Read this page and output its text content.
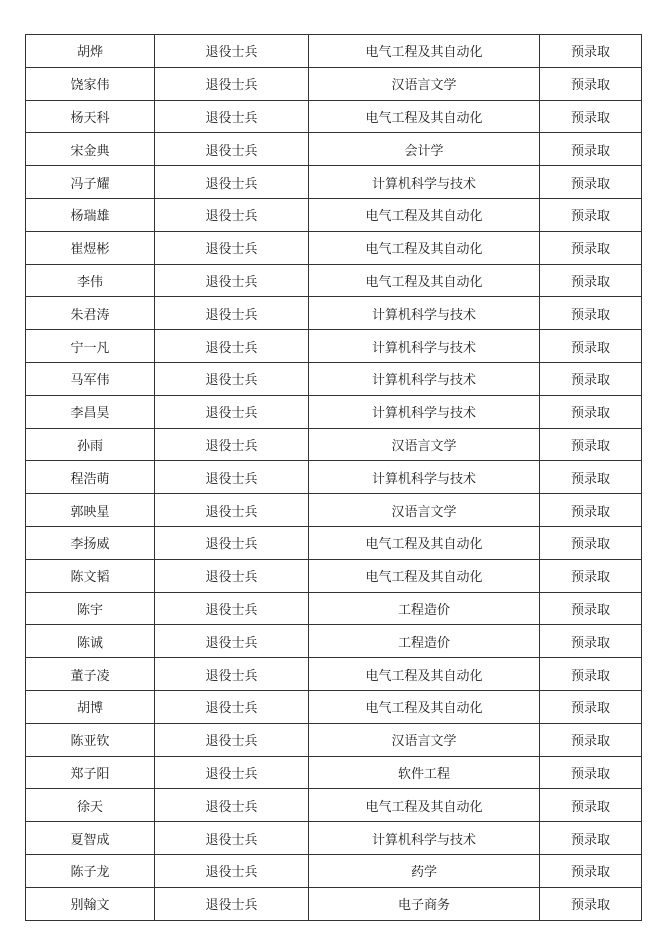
胡烨	退役士兵	电气工程及其自动化	预录取
饶家伟	退役士兵	汉语言文学	预录取
杨天科	退役士兵	电气工程及其自动化	预录取
宋金典	退役士兵	会计学	预录取
冯子耀	退役士兵	计算机科学与技术	预录取
杨瑞雄	退役士兵	电气工程及其自动化	预录取
崔煜彬	退役士兵	电气工程及其自动化	预录取
李伟	退役士兵	电气工程及其自动化	预录取
朱君涛	退役士兵	计算机科学与技术	预录取
宁一凡	退役士兵	计算机科学与技术	预录取
马军伟	退役士兵	计算机科学与技术	预录取
李昌昊	退役士兵	计算机科学与技术	预录取
孙雨	退役士兵	汉语言文学	预录取
程浩萌	退役士兵	计算机科学与技术	预录取
郭映星	退役士兵	汉语言文学	预录取
李扬威	退役士兵	电气工程及其自动化	预录取
陈文韬	退役士兵	电气工程及其自动化	预录取
陈宇	退役士兵	工程造价	预录取
陈诚	退役士兵	工程造价	预录取
董子凌	退役士兵	电气工程及其自动化	预录取
胡博	退役士兵	电气工程及其自动化	预录取
陈亚钦	退役士兵	汉语言文学	预录取
郑子阳	退役士兵	软件工程	预录取
徐天	退役士兵	电气工程及其自动化	预录取
夏智成	退役士兵	计算机科学与技术	预录取
陈子龙	退役士兵	药学	预录取
别翰文	退役士兵	电子商务	预录取
